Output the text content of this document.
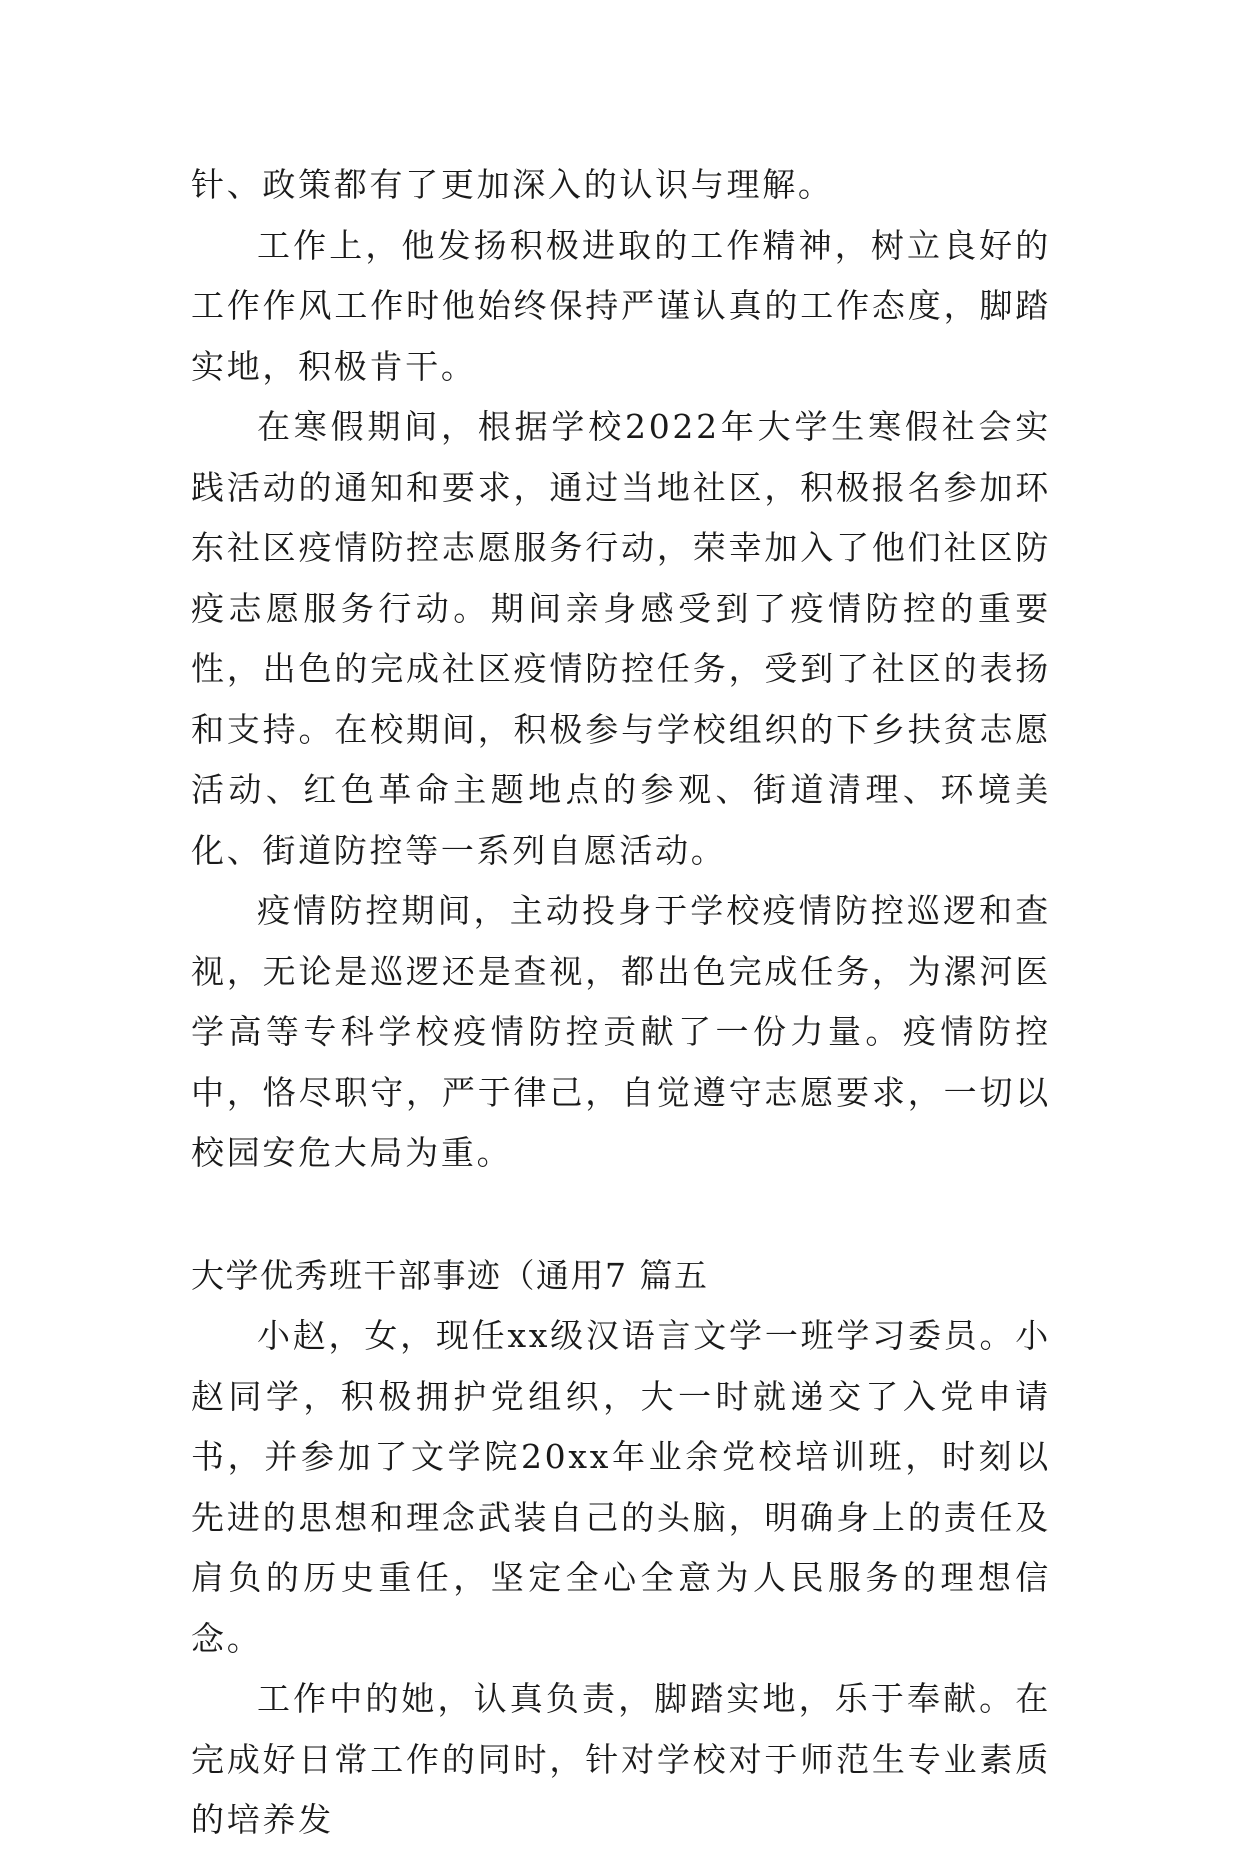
针、政策都有了更加深入的认识与理解。

工作上，他发扬积极进取的工作精神，树立良好的工作作风工作时他始终保持严谨认真的工作态度，脚踏实地，积极肯干。

在寒假期间，根据学校2022年大学生寒假社会实践活动的通知和要求，通过当地社区，积极报名参加环东社区疫情防控志愿服务行动，荣幸加入了他们社区防疫志愿服务行动。期间亲身感受到了疫情防控的重要性，出色的完成社区疫情防控任务，受到了社区的表扬和支持。在校期间，积极参与学校组织的下乡扶贫志愿活动、红色革命主题地点的参观、街道清理、环境美化、街道防控等一系列自愿活动。

疫情防控期间，主动投身于学校疫情防控巡逻和查视，无论是巡逻还是查视，都出色完成任务，为漯河医学高等专科学校疫情防控贡献了一份力量。疫情防控中，恪尽职守，严于律己，自觉遵守志愿要求，一切以校园安危大局为重。

大学优秀班干部事迹（通用7 篇五

小赵，女，现任xx级汉语言文学一班学习委员。小赵同学，积极拥护党组织，大一时就递交了入党申请书，并参加了文学院20xx年业余党校培训班，时刻以先进的思想和理念武装自己的头脑，明确身上的责任及肩负的历史重任，坚定全心全意为人民服务的理想信念。

工作中的她，认真负责，脚踏实地，乐于奉献。在完成好日常工作的同时，针对学校对于师范生专业素质的培养发
